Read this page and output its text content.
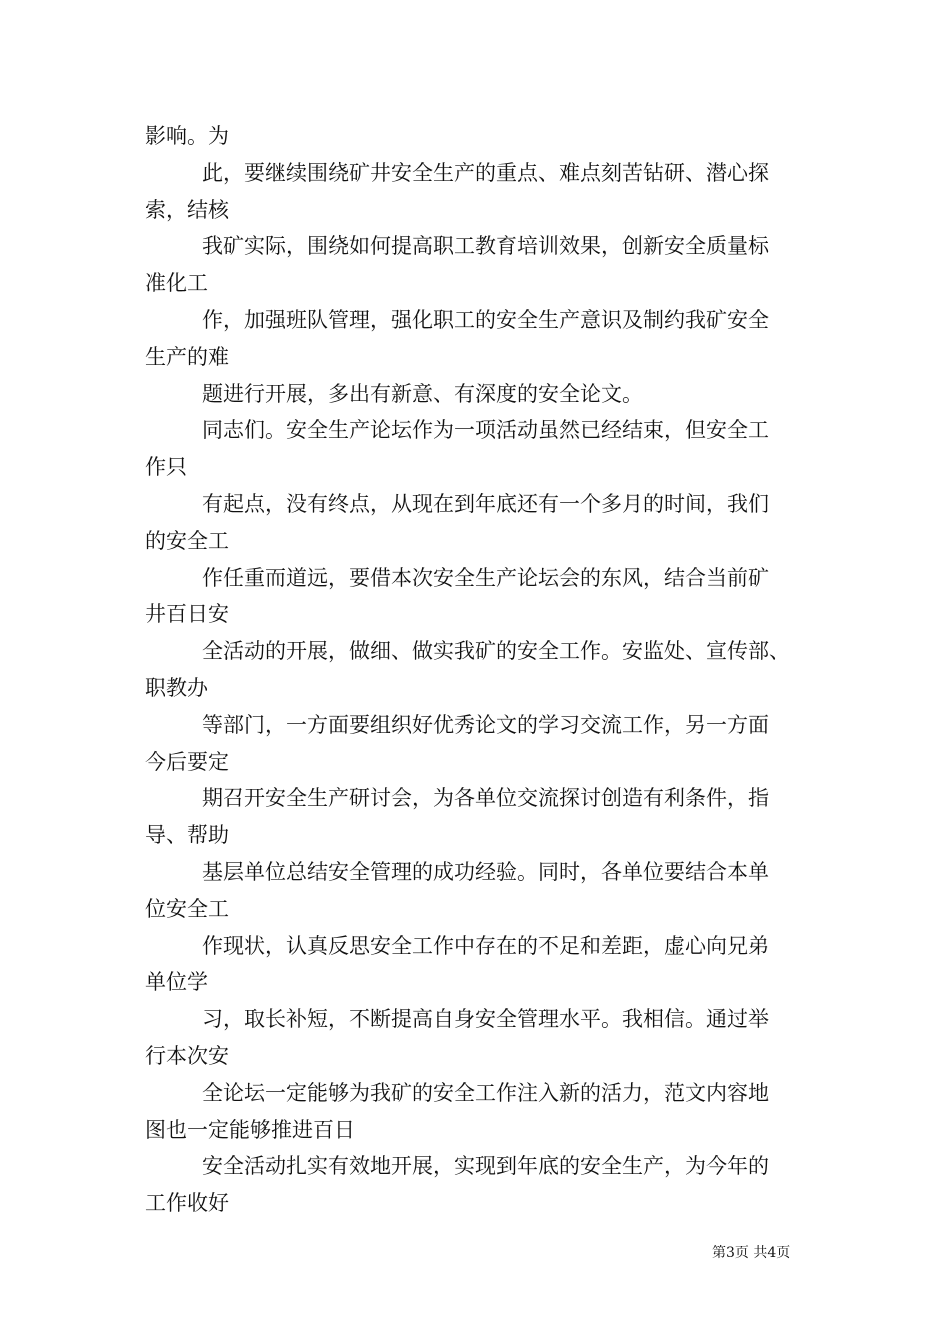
影响。为
此，要继续围绕矿井安全生产的重点、难点刻苦钻研、潜心探
索，结核
我矿实际，围绕如何提高职工教育培训效果，创新安全质量标
准化工
作，加强班队管理，强化职工的安全生产意识及制约我矿安全
生产的难
题进行开展，多出有新意、有深度的安全论文。
同志们。安全生产论坛作为一项活动虽然已经结束，但安全工
作只
有起点，没有终点，从现在到年底还有一个多月的时间，我们
的安全工
作任重而道远，要借本次安全生产论坛会的东风，结合当前矿
井百日安
全活动的开展，做细、做实我矿的安全工作。安监处、宣传部、
职教办
等部门，一方面要组织好优秀论文的学习交流工作，另一方面
今后要定
期召开安全生产研讨会，为各单位交流探讨创造有利条件，指
导、帮助
基层单位总结安全管理的成功经验。同时，各单位要结合本单
位安全工
作现状，认真反思安全工作中存在的不足和差距，虚心向兄弟
单位学
习，取长补短，不断提高自身安全管理水平。我相信。通过举
行本次安
全论坛一定能够为我矿的安全工作注入新的活力，范文内容地
图也一定能够推进百日
安全活动扎实有效地开展，实现到年底的安全生产，为今年的
工作收好
第3页 共4页
